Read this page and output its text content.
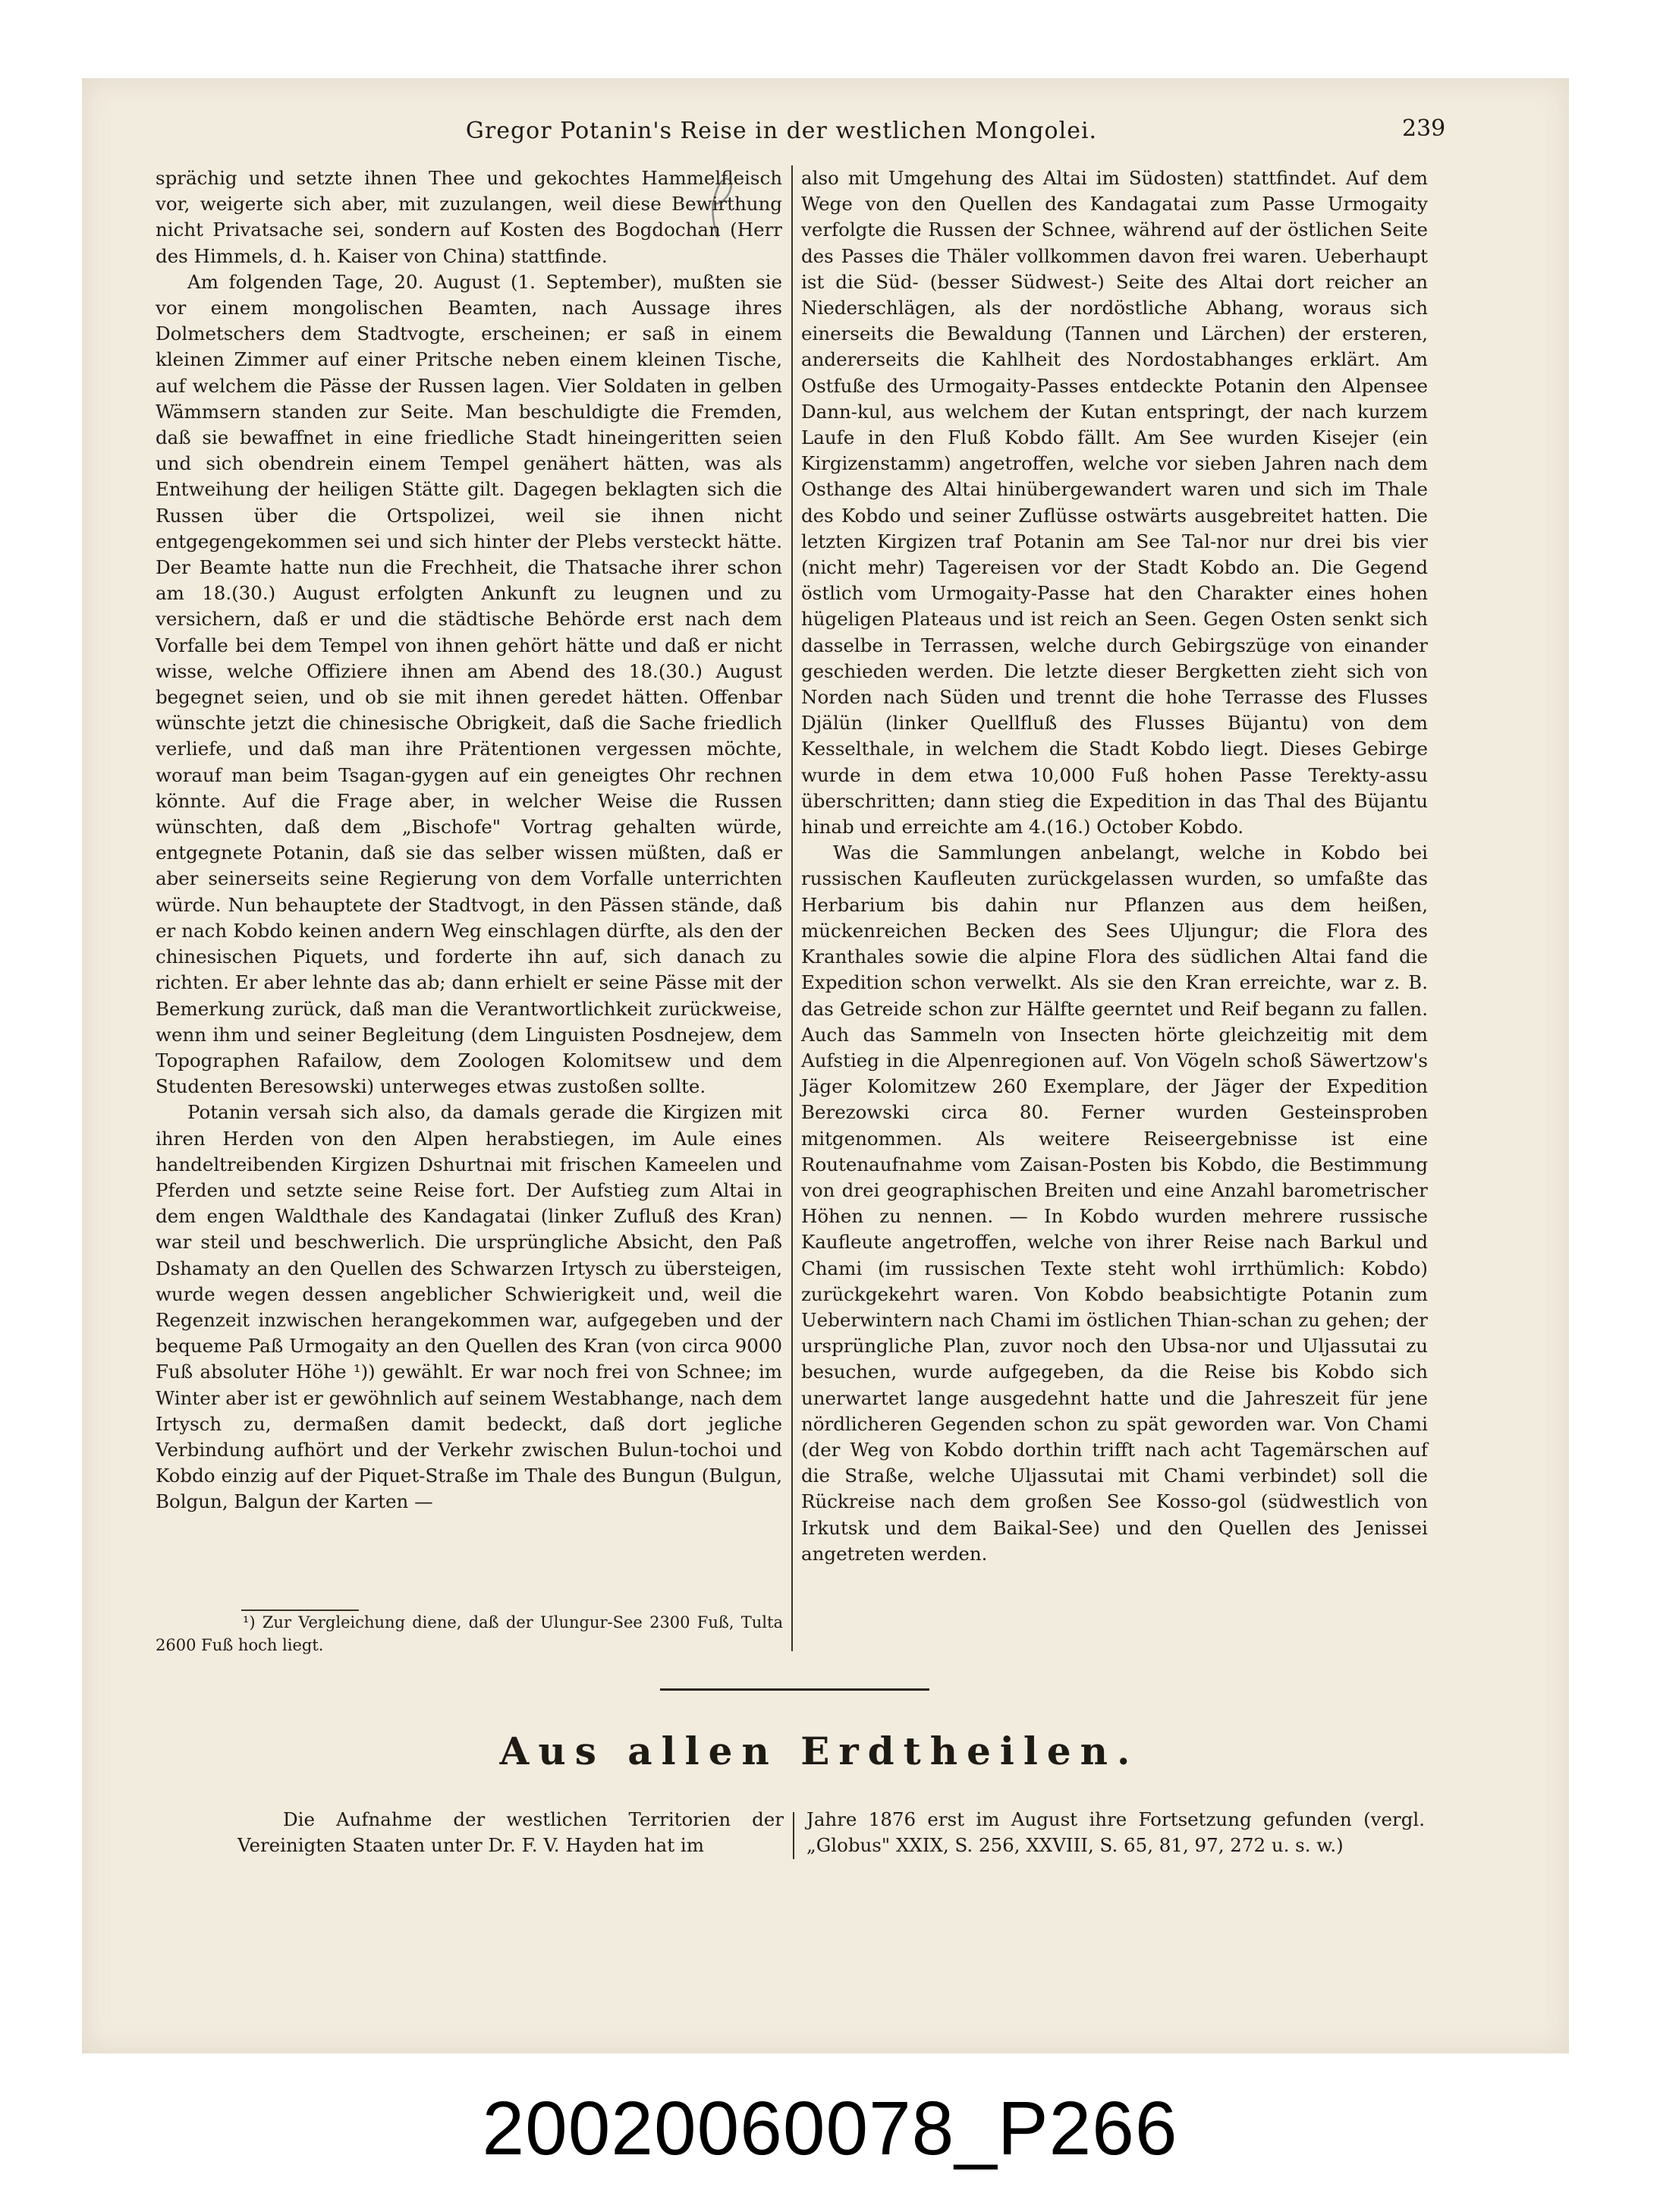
Gregor Potanin's Reise in der westlichen Mongolei.	239

sprächig und setzte ihnen Thee und gekochtes Hammelfleisch vor, weigerte sich aber, mit zuzulangen, weil diese Bewirthung nicht Privatsache sei, sondern auf Kosten des Bogdochan (Herr des Himmels, d. h. Kaiser von China) stattfinde.

Am folgenden Tage, 20. August (1. September), mußten sie vor einem mongolischen Beamten, nach Aussage ihres Dolmetschers dem Stadtvogte, erscheinen; er saß in einem kleinen Zimmer auf einer Pritsche neben einem kleinen Tische, auf welchem die Pässe der Russen lagen. Vier Soldaten in gelben Wämmsern standen zur Seite. Man beschuldigte die Fremden, daß sie bewaffnet in eine friedliche Stadt hineingeritten seien und sich obendrein einem Tempel genähert hätten, was als Entweihung der heiligen Stätte gilt. Dagegen beklagten sich die Russen über die Ortspolizei, weil sie ihnen nicht entgegengekommen sei und sich hinter der Plebs versteckt hätte. Der Beamte hatte nun die Frechheit, die Thatsache ihrer schon am 18.(30.) August erfolgten Ankunft zu leugnen und zu versichern, daß er und die städtische Behörde erst nach dem Vorfalle bei dem Tempel von ihnen gehört hätte und daß er nicht wisse, welche Offiziere ihnen am Abend des 18.(30.) August begegnet seien, und ob sie mit ihnen geredet hätten. Offenbar wünschte jetzt die chinesische Obrigkeit, daß die Sache friedlich verliefe, und daß man ihre Prätentionen vergessen möchte, worauf man beim Tsagan-gygen auf ein geneigtes Ohr rechnen könnte. Auf die Frage aber, in welcher Weise die Russen wünschten, daß dem „Bischofe" Vortrag gehalten würde, entgegnete Potanin, daß sie das selber wissen müßten, daß er aber seinerseits seine Regierung von dem Vorfalle unterrichten würde. Nun behauptete der Stadtvogt, in den Pässen stände, daß er nach Kobdo keinen andern Weg einschlagen dürfte, als den der chinesischen Piquets, und forderte ihn auf, sich danach zu richten. Er aber lehnte das ab; dann erhielt er seine Pässe mit der Bemerkung zurück, daß man die Verantwortlichkeit zurückweise, wenn ihm und seiner Begleitung (dem Linguisten Posdnejew, dem Topographen Rafailow, dem Zoologen Kolomitsew und dem Studenten Beresowski) unterweges etwas zustoßen sollte.

Potanin versah sich also, da damals gerade die Kirgizen mit ihren Herden von den Alpen herabstiegen, im Aule eines handeltreibenden Kirgizen Dshurtnai mit frischen Kameelen und Pferden und setzte seine Reise fort. Der Aufstieg zum Altai in dem engen Waldthale des Kandagatai (linker Zufluß des Kran) war steil und beschwerlich. Die ursprüngliche Absicht, den Paß Dshamaty an den Quellen des Schwarzen Irtysch zu übersteigen, wurde wegen dessen angeblicher Schwierigkeit und, weil die Regenzeit inzwischen herangekommen war, aufgegeben und der bequeme Paß Urmogaity an den Quellen des Kran (von circa 9000 Fuß absoluter Höhe ¹)) gewählt. Er war noch frei von Schnee; im Winter aber ist er gewöhnlich auf seinem Westabhange, nach dem Irtysch zu, dermaßen damit bedeckt, daß dort jegliche Verbindung aufhört und der Verkehr zwischen Bulun-tochoi und Kobdo einzig auf der Piquet-Straße im Thale des Bungun (Bulgun, Bolgun, Balgun der Karten —

also mit Umgehung des Altai im Südosten) stattfindet. Auf dem Wege von den Quellen des Kandagatai zum Passe Urmogaity verfolgte die Russen der Schnee, während auf der östlichen Seite des Passes die Thäler vollkommen davon frei waren. Ueberhaupt ist die Süd- (besser Südwest-) Seite des Altai dort reicher an Niederschlägen, als der nordöstliche Abhang, woraus sich einerseits die Bewaldung (Tannen und Lärchen) der ersteren, andererseits die Kahlheit des Nordostabhanges erklärt. Am Ostfuße des Urmogaity-Passes entdeckte Potanin den Alpensee Dann-kul, aus welchem der Kutan entspringt, der nach kurzem Laufe in den Fluß Kobdo fällt. Am See wurden Kisejer (ein Kirgizenstamm) angetroffen, welche vor sieben Jahren nach dem Osthange des Altai hinübergewandert waren und sich im Thale des Kobdo und seiner Zuflüsse ostwärts ausgebreitet hatten. Die letzten Kirgizen traf Potanin am See Tal-nor nur drei bis vier (nicht mehr) Tagereisen vor der Stadt Kobdo an. Die Gegend östlich vom Urmogaity-Passe hat den Charakter eines hohen hügeligen Plateaus und ist reich an Seen. Gegen Osten senkt sich dasselbe in Terrassen, welche durch Gebirgszüge von einander geschieden werden. Die letzte dieser Bergketten zieht sich von Norden nach Süden und trennt die hohe Terrasse des Flusses Djälün (linker Quellfluß des Flusses Büjantu) von dem Kesselthale, in welchem die Stadt Kobdo liegt. Dieses Gebirge wurde in dem etwa 10,000 Fuß hohen Passe Terekty-assu überschritten; dann stieg die Expedition in das Thal des Büjantu hinab und erreichte am 4.(16.) October Kobdo.

Was die Sammlungen anbelangt, welche in Kobdo bei russischen Kaufleuten zurückgelassen wurden, so umfaßte das Herbarium bis dahin nur Pflanzen aus dem heißen, mückenreichen Becken des Sees Uljungur; die Flora des Kranthales sowie die alpine Flora des südlichen Altai fand die Expedition schon verwelkt. Als sie den Kran erreichte, war z. B. das Getreide schon zur Hälfte geerntet und Reif begann zu fallen. Auch das Sammeln von Insecten hörte gleichzeitig mit dem Aufstieg in die Alpenregionen auf. Von Vögeln schoß Säwertzow's Jäger Kolomitzew 260 Exemplare, der Jäger der Expedition Berezowski circa 80. Ferner wurden Gesteinsproben mitgenommen. Als weitere Reiseergebnisse ist eine Routenaufnahme vom Zaisan-Posten bis Kobdo, die Bestimmung von drei geographischen Breiten und eine Anzahl barometrischer Höhen zu nennen. — In Kobdo wurden mehrere russische Kaufleute angetroffen, welche von ihrer Reise nach Barkul und Chami (im russischen Texte steht wohl irrthümlich: Kobdo) zurückgekehrt waren. Von Kobdo beabsichtigte Potanin zum Ueberwintern nach Chami im östlichen Thian-schan zu gehen; der ursprüngliche Plan, zuvor noch den Ubsa-nor und Uljassutai zu besuchen, wurde aufgegeben, da die Reise bis Kobdo sich unerwartet lange ausgedehnt hatte und die Jahreszeit für jene nördlicheren Gegenden schon zu spät geworden war. Von Chami (der Weg von Kobdo dorthin trifft nach acht Tagemärschen auf die Straße, welche Uljassutai mit Chami verbindet) soll die Rückreise nach dem großen See Kosso-gol (südwestlich von Irkutsk und dem Baikal-See) und den Quellen des Jenissei angetreten werden.

¹) Zur Vergleichung diene, daß der Ulungur-See 2300 Fuß, Tulta 2600 Fuß hoch liegt.

Aus allen Erdtheilen.

Die Aufnahme der westlichen Territorien der Vereinigten Staaten unter Dr. F. V. Hayden hat im

Jahre 1876 erst im August ihre Fortsetzung gefunden (vergl. „Globus" XXIX, S. 256, XXVIII, S. 65, 81, 97, 272 u. s. w.)

20020060078_P266
